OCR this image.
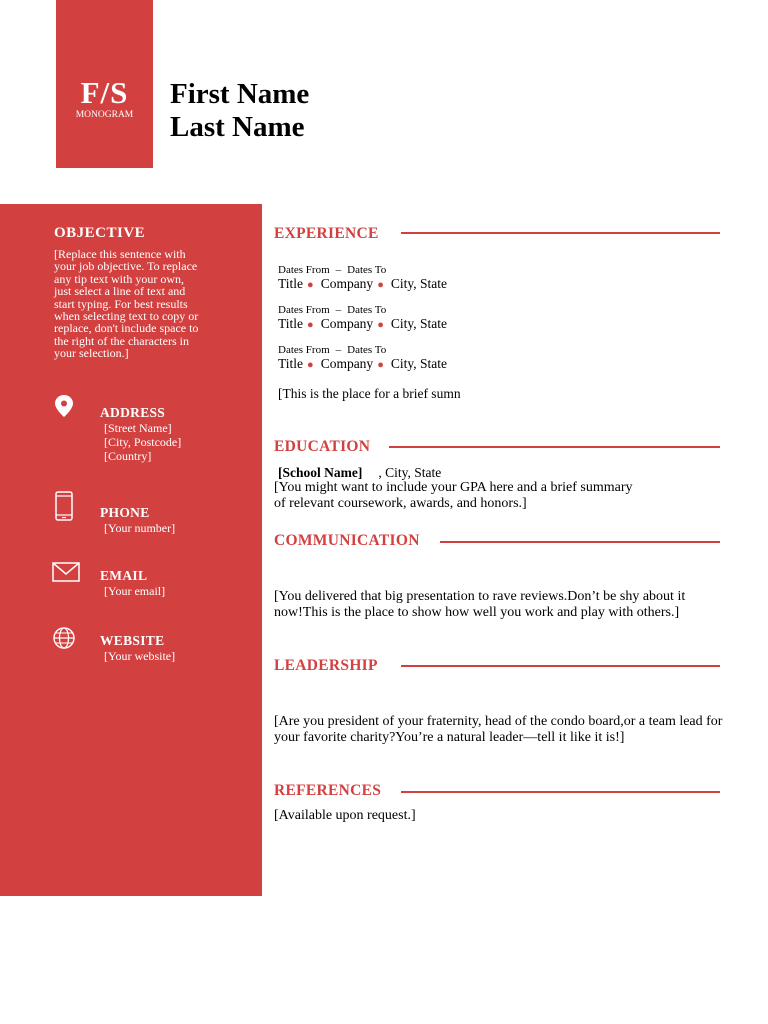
F/S
MONOGRAM
First Name
Last Name
OBJECTIVE
[Replace this sentence with your job objective. To replace any tip text with your own, just select a line of text and start typing. For best results when selecting text to copy or replace, don't include space to the right of the characters in your selection.]
ADDRESS
[Street Name]
[City, Postcode]
[Country]
PHONE
[Your number]
EMAIL
[Your email]
WEBSITE
[Your website]
EXPERIENCE
Dates From – Dates To
Title ● Company ● City, State
Dates From – Dates To
Title ● Company ● City, State
Dates From – Dates To
Title ● Company ● City, State
[This is the place for a brief sumn
EDUCATION
[School Name] , City, State
[You might want to include your GPA here and a brief summary of relevant coursework, awards, and honors.]
COMMUNICATION
[You delivered that big presentation to rave reviews.Don’t be shy about it now!This is the place to show how well you work and play with others.]
LEADERSHIP
[Are you president of your fraternity, head of the condo board,or a team lead for your favorite charity?You’re a natural leader—tell it like it is!]
REFERENCES
[Available upon request.]
